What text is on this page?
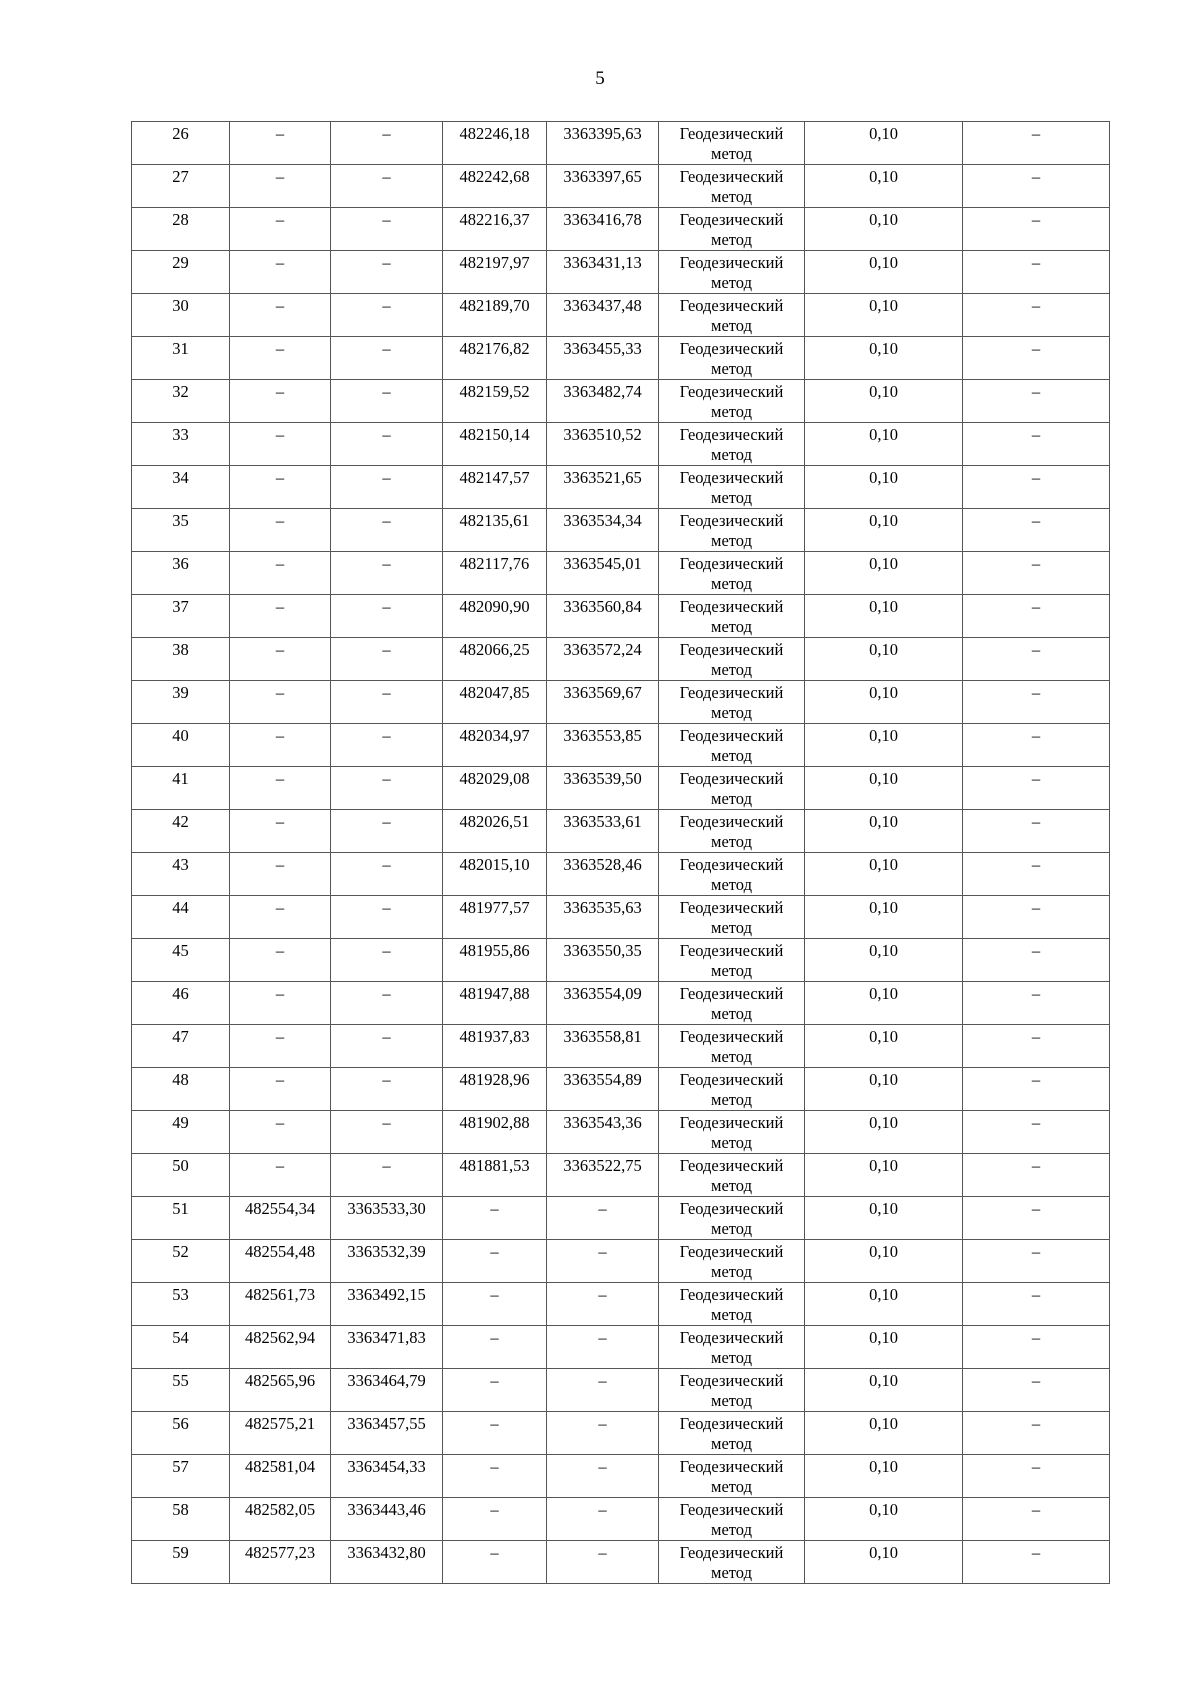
5
26	–	–	482246,18	3363395,63	Геодезический метод	0,10	–

27	–	–	482242,68	3363397,65	Геодезический метод	0,10	–

28	–	–	482216,37	3363416,78	Геодезический метод	0,10	–

29	–	–	482197,97	3363431,13	Геодезический метод	0,10	–

30	–	–	482189,70	3363437,48	Геодезический метод	0,10	–

31	–	–	482176,82	3363455,33	Геодезический метод	0,10	–

32	–	–	482159,52	3363482,74	Геодезический метод	0,10	–

33	–	–	482150,14	3363510,52	Геодезический метод	0,10	–

34	–	–	482147,57	3363521,65	Геодезический метод	0,10	–

35	–	–	482135,61	3363534,34	Геодезический метод	0,10	–

36	–	–	482117,76	3363545,01	Геодезический метод	0,10	–

37	–	–	482090,90	3363560,84	Геодезический метод	0,10	–

38	–	–	482066,25	3363572,24	Геодезический метод	0,10	–

39	–	–	482047,85	3363569,67	Геодезический метод	0,10	–

40	–	–	482034,97	3363553,85	Геодезический метод	0,10	–

41	–	–	482029,08	3363539,50	Геодезический метод	0,10	–

42	–	–	482026,51	3363533,61	Геодезический метод	0,10	–

43	–	–	482015,10	3363528,46	Геодезический метод	0,10	–

44	–	–	481977,57	3363535,63	Геодезический метод	0,10	–

45	–	–	481955,86	3363550,35	Геодезический метод	0,10	–

46	–	–	481947,88	3363554,09	Геодезический метод	0,10	–

47	–	–	481937,83	3363558,81	Геодезический метод	0,10	–

48	–	–	481928,96	3363554,89	Геодезический метод	0,10	–

49	–	–	481902,88	3363543,36	Геодезический метод	0,10	–

50	–	–	481881,53	3363522,75	Геодезический метод	0,10	–

51	482554,34	3363533,30	–	–	Геодезический метод	0,10	–

52	482554,48	3363532,39	–	–	Геодезический метод	0,10	–

53	482561,73	3363492,15	–	–	Геодезический метод	0,10	–

54	482562,94	3363471,83	–	–	Геодезический метод	0,10	–

55	482565,96	3363464,79	–	–	Геодезический метод	0,10	–

56	482575,21	3363457,55	–	–	Геодезический метод	0,10	–

57	482581,04	3363454,33	–	–	Геодезический метод	0,10	–

58	482582,05	3363443,46	–	–	Геодезический метод	0,10	–

59	482577,23	3363432,80	–	–	Геодезический метод	0,10	–
